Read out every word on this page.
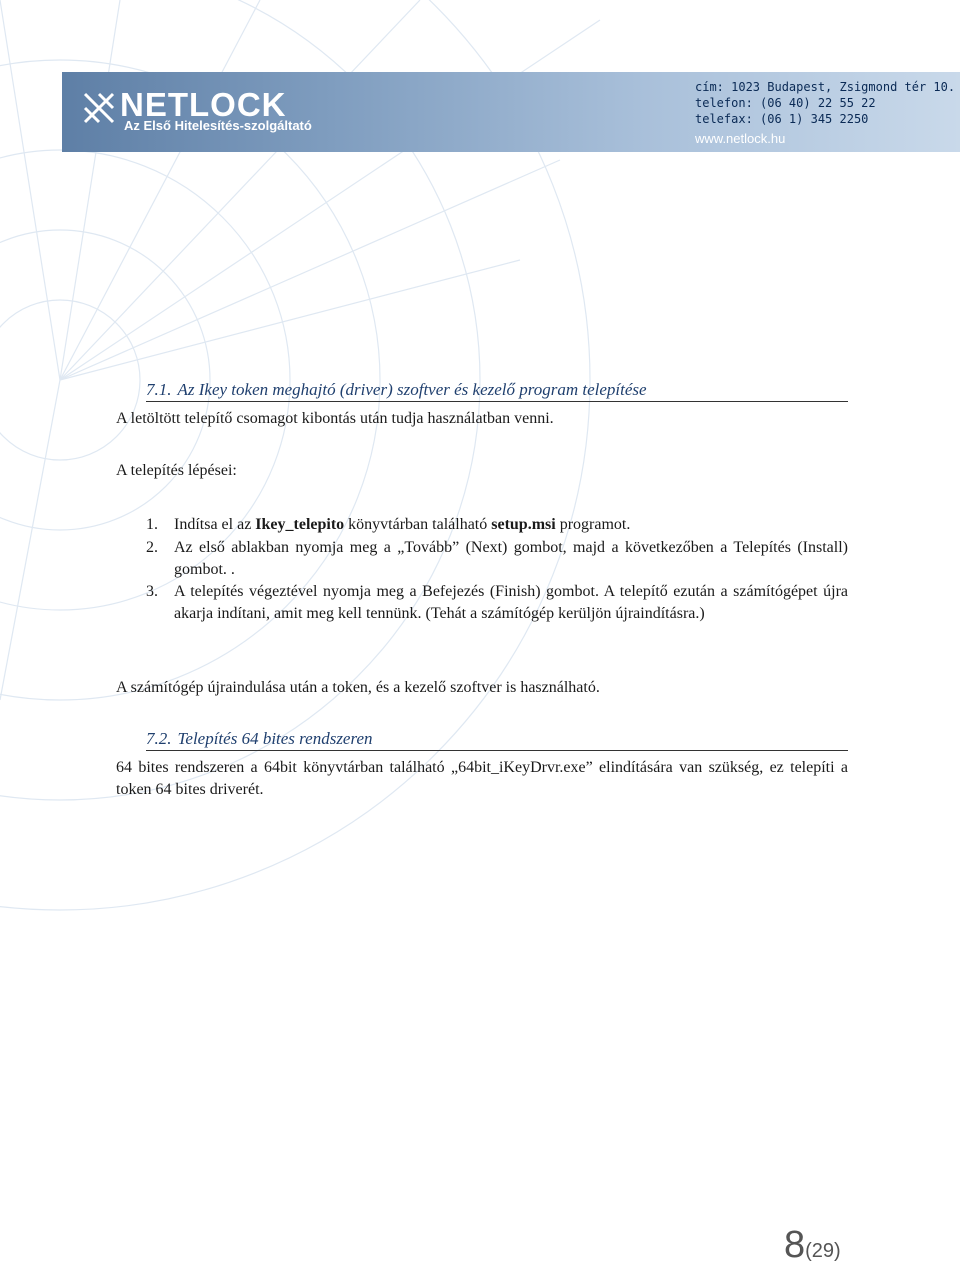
NETLOCK
Az Első Hitelesítés-szolgáltató
cím: 1023 Budapest, Zsigmond tér 10.
telefon: (06 40) 22 55 22
telefax: (06 1) 345 2250
www.netlock.hu
7.1. Az Ikey token meghajtó (driver) szoftver és kezelő program telepítése

A letöltött telepítő csomagot kibontás után tudja használatban venni.

A telepítés lépései:

1. Indítsa el az Ikey_telepito könyvtárban található setup.msi programot.
2. Az első ablakban nyomja meg a „Tovább” (Next) gombot, majd a következőben a Telepítés (Install) gombot. .
3. A telepítés végeztével nyomja meg a Befejezés (Finish) gombot. A telepítő ezután a számítógépet újra akarja indítani, amit meg kell tennünk. (Tehát a számítógép kerüljön újraindításra.)

A számítógép újraindulása után a token, és a kezelő szoftver is használható.

7.2. Telepítés 64 bites rendszeren

64 bites rendszeren a 64bit könyvtárban található „64bit_iKeyDrvr.exe” elindítására van szükség, ez telepíti a token 64 bites driverét.

8(29)
